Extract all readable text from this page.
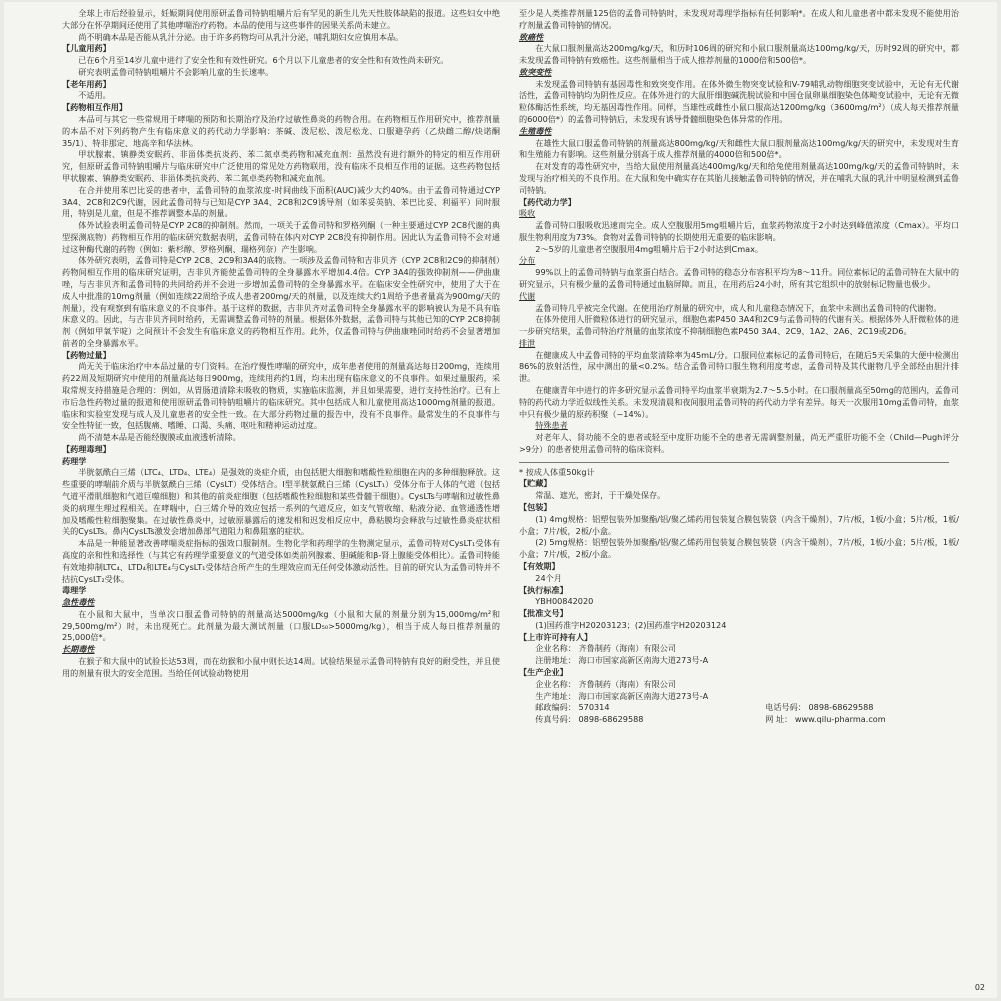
全球上市后经验显示，妊娠期间使用原研孟鲁司特钠咀嚼片后有罕见的新生儿先天性肢体缺陷的报道。这些妇女中绝大部分在怀孕期间还使用了其他哮喘治疗药物。本品的使用与这些事件的因果关系尚未建立。

尚不明确本品是否能从乳汁分泌。由于许多药物均可从乳汁分泌，哺乳期妇女应慎用本品。

【儿童用药】

已在6个月至14岁儿童中进行了安全性和有效性研究。6个月以下儿童患者的安全性和有效性尚未研究。

研究表明孟鲁司特钠咀嚼片不会影响儿童的生长速率。

【老年用药】

不适用。

【药物相互作用】

本品可与其它一些常规用于哮喘的预防和长期治疗及治疗过敏性鼻炎的药物合用。在药物相互作用研究中，推荐剂量的本品不对下列药物产生有临床意义的药代动力学影响：茶碱、泼尼松、泼尼松龙、口服避孕药（乙炔雌二醇/炔诺酮35/1）、特非那定、地高辛和华法林。

甲状腺素、镇静类安眠药、非甾体类抗炎药、苯二氮卓类药物和减充血剂：虽然没有进行额外的特定的相互作用研究，但原研孟鲁司特钠咀嚼片与临床研究中广泛使用的常见处方药物联用，没有临床不良相互作用的证据。这些药物包括甲状腺素、镇静类安眠药、非甾体类抗炎药、苯二氮卓类药物和减充血剂。

在合并使用苯巴比妥的患者中，孟鲁司特的血浆浓度-时间曲线下面积(AUC)减少大约40%。由于孟鲁司特通过CYP 3A4、2C8和2C9代谢，因此孟鲁司特与已知是CYP 3A4、2C8和2C9诱导剂（如苯妥英钠、苯巴比妥、利福平）同时服用，特别是儿童，但是不推荐调整本品的剂量。

体外试验表明孟鲁司特是CYP 2C8的抑制剂。然而，一项关于孟鲁司特和罗格列酮（一种主要通过CYP 2C8代谢的典型探测底物）药物相互作用的临床研究数据表明，孟鲁司特在体内对CYP 2C8没有抑制作用。因此认为孟鲁司特不会对通过这种酶代谢的药物（例如：紫杉醇、罗格列酮、瑞格列奈）产生影响。

体外研究表明，孟鲁司特是CYP 2C8、2C9和3A4的底物。一项涉及孟鲁司特和吉非贝齐（CYP 2C8和2C9的抑制剂）药物间相互作用的临床研究证明，吉非贝齐能使孟鲁司特的全身暴露水平增加4.4倍。CYP 3A4的强效抑制剂——伊曲康唑，与吉非贝齐和孟鲁司特的共同给药并不会进一步增加孟鲁司特的全身暴露水平。在临床安全性研究中，使用了大于在成人中批准的10mg剂量（例如连续22周给予成人患者200mg/天的剂量，以及连续大约1周给予患者量高为900mg/天的剂量），没有观察到有临床意义的不良事件。基于这样的数据，吉非贝齐对孟鲁司特全身暴露水平的影响被认为是不具有临床意义的。因此，与吉非贝齐同时给药，无需调整孟鲁司特的剂量。根据体外数据，孟鲁司特与其他已知的CYP 2C8抑制剂（例如甲氧苄啶）之间预计不会发生有临床意义的药物相互作用。此外，仅孟鲁司特与伊曲康唑同时给药不会显著增加前者的全身暴露水平。

【药物过量】

尚无关于临床治疗中本品过量的专门资料。在治疗慢性哮喘的研究中，成年患者使用的剂量高达每日200mg，连续用药22周及短期研究中使用的剂量高达每日900mg，连续用药约1周，均未出现有临床意义的不良事件。如果过量服药，采取常规支持措施是合理的：例如，从胃肠道清除未吸收的物质，实施临床监测，并且如果需要，进行支持性治疗。已有上市后急性药物过量的报道和使用原研孟鲁司特钠咀嚼片的临床研究。其中包括成人和儿童使用高达1000mg剂量的报道。临床和实验室发现与成人及儿童患者的安全性一致。在大部分药物过量的报告中，没有不良事件。最常发生的不良事件与安全性特征一致，包括腹痛、嗜睡、口渴、头痛、呕吐和精神运动过度。

尚不清楚本品是否能经腹膜或血液透析清除。

【药理毒理】

药理学

半胱氨酰白三烯（LTC₄、LTD₄、LTE₄）是强效的炎症介质，由包括肥大细胞和嗜酸性粒细胞在内的多种细胞释放。这些重要的哮喘前介质与半胱氨酰白三烯（CysLT）受体结合。I型半胱氨酰白三烯（CysLT₁）受体分布于人体的气道（包括气道平滑肌细胞和气道巨噬细胞）和其他的前炎症细胞（包括嗜酸性粒细胞和某些骨髓干细胞）。CysLTs与哮喘和过敏性鼻炎的病理生理过程相关。在哮喘中，白三烯介导的效应包括一系列的气道反应，如支气管收缩、粘液分泌、血管通透性增加及嗜酸性粒细胞聚集。在过敏性鼻炎中，过敏原暴露后的速发相和迟发相反应中，鼻粘膜均会释放与过敏性鼻炎症状相关的CysLTs。鼻内CysLTs激发会增加鼻部气道阻力和鼻阻塞的症状。

本品是一种能显著改善哮喘炎症指标的强效口服制剂。生物化学和药理学的生物测定显示，孟鲁司特对CysLT₁受体有高度的亲和性和选择性（与其它有药理学重要意义的气道受体如类前列腺素、胆碱能和β-肾上腺能受体相比）。孟鲁司特能有效地抑制LTC₄、LTD₄和LTE₄与CysLT₁受体结合所产生的生理效应而无任何受体激动活性。目前的研究认为孟鲁司特并不拮抗CysLT₂受体。

毒理学

急性毒性

在小鼠和大鼠中，当单次口服孟鲁司特钠的剂量高达5000mg/kg（小鼠和大鼠的剂量分别为15,000mg/m²和29,500mg/m²）时，未出现死亡。此剂量为最大测试剂量（口服LD₅₀>5000mg/kg），相当于成人每日推荐剂量的25,000倍*。

长期毒性

在猴子和大鼠中的试验长达53周，而在幼猴和小鼠中则长达14周。试验结果显示孟鲁司特钠有良好的耐受性，并且使用的剂量有很大的安全范围。当给任何试验动物使用

至少是人类推荐剂量125倍的孟鲁司特钠时，未发现对毒理学指标有任何影响*。在成人和儿童患者中都未发现不能使用治疗剂量孟鲁司特钠的情况。

致癌性

在大鼠口服剂量高达200mg/kg/天，和历时106周的研究和小鼠口服剂量高达100mg/kg/天，历时92周的研究中，都未发现孟鲁司特钠有致癌性。这些剂量相当于成人推荐剂量的1000倍和500倍*。

致突变性

未发现孟鲁司特钠有基因毒性和致突变作用。在体外微生物突变试验和V-79哺乳动物细胞突变试验中，无论有无代谢活性，孟鲁司特钠均为阴性反应。在体外进行的大鼠肝细胞碱洗脱试验和中国仓鼠卵巢细胞染色体畸变试验中，无论有无微粒体酶活性系统，均无基因毒性作用。同样，当雄性或雌性小鼠口服高达1200mg/kg（3600mg/m²）（成人每天推荐剂量的6000倍*）的孟鲁司特钠后，未发现有诱导骨髓细胞染色体异常的作用。

生殖毒性

在雄性大鼠口服孟鲁司特钠的剂量高达800mg/kg/天和雌性大鼠口服剂量高达100mg/kg/天的研究中，未发现对生育和生殖能力有影响。这些剂量分别高于成人推荐剂量的4000倍和500倍*。

在对发育的毒性研究中，当给大鼠使用剂量高达400mg/kg/天和给兔使用剂量高达100mg/kg/天的孟鲁司特钠时，未发现与治疗相关的不良作用。在大鼠和兔中确实存在其胎儿接触孟鲁司特钠的情况，并在哺乳大鼠的乳汁中明显检测到孟鲁司特钠。

【药代动力学】

吸收

孟鲁司特口服吸收迅速而完全。成人空腹服用5mg咀嚼片后，血浆药物浓度于2小时达到峰值浓度（Cmax）。平均口服生物利用度为73%。食物对孟鲁司特钠的长期使用无重要的临床影响。

2～5岁的儿童患者空腹服用4mg咀嚼片后于2小时达到Cmax。

分布

99%以上的孟鲁司特钠与血浆蛋白结合。孟鲁司特的稳态分布容积平均为8～11升。同位素标记的孟鲁司特在大鼠中的研究显示，只有极少量的孟鲁司特通过血脑屏障。而且，在用药后24小时，所有其它组织中的放射标记物量也极少。

代谢

孟鲁司特几乎被完全代谢。在使用治疗剂量的研究中，成人和儿童稳态情况下，血浆中未测出孟鲁司特的代谢物。

在体外使用人肝微粒体进行的研究显示，细胞色素P450 3A4和2C9与孟鲁司特的代谢有关。根据体外人肝微粒体的进一步研究结果，孟鲁司特治疗剂量的血浆浓度不抑制细胞色素P450 3A4、2C9、1A2、2A6、2C19或2D6。

排泄

在健康成人中孟鲁司特的平均血浆清除率为45mL/分。口服同位素标记的孟鲁司特后，在随后5天采集的大便中检测出86%的放射活性，尿中测出的量<0.2%。结合孟鲁司特口服生物利用度考虑，孟鲁司特及其代谢物几乎全部经由胆汁排泄。

在健康青年中进行的许多研究显示孟鲁司特平均血浆半衰期为2.7～5.5小时。在口服剂量高至50mg的范围内，孟鲁司特的药代动力学近似线性关系。未发现清晨和夜间服用孟鲁司特的药代动力学有差异。每天一次服用10mg孟鲁司特，血浆中只有极少量的原药积聚（~14%）。

特殊患者

对老年人、肾功能不全的患者或轻至中度肝功能不全的患者无需调整剂量，尚无严重肝功能不全（Child—Pugh评分>9分）的患者使用孟鲁司特的临床资料。

* 按成人体重50kg计

【贮藏】

常温、遮光，密封，于干燥处保存。

【包装】

(1) 4mg规格：铝塑包装外加聚酯/铝/聚乙烯药用包装复合膜包装袋（内含干燥剂），7片/板，1板/小盒；5片/板，1板/小盒；7片/板，2板/小盒。

(2) 5mg规格：铝塑包装外加聚酯/铝/聚乙烯药用包装复合膜包装袋（内含干燥剂），7片/板，1板/小盒；5片/板，1板/小盒；7片/板，2板/小盒。

【有效期】

24个月

【执行标准】

YBH00842020

【批准文号】

(1)国药准字H20203123；(2)国药准字H20203124

【上市许可持有人】

企业名称： 齐鲁制药（海南）有限公司

注册地址： 海口市国家高新区南海大道273号-A

【生产企业】

企业名称： 齐鲁制药（海南）有限公司

生产地址： 海口市国家高新区南海大道273号-A

邮政编码： 570314	电话号码： 0898-68629588
传真号码： 0898-68629588	网 址： www.qilu-pharma.com
02
